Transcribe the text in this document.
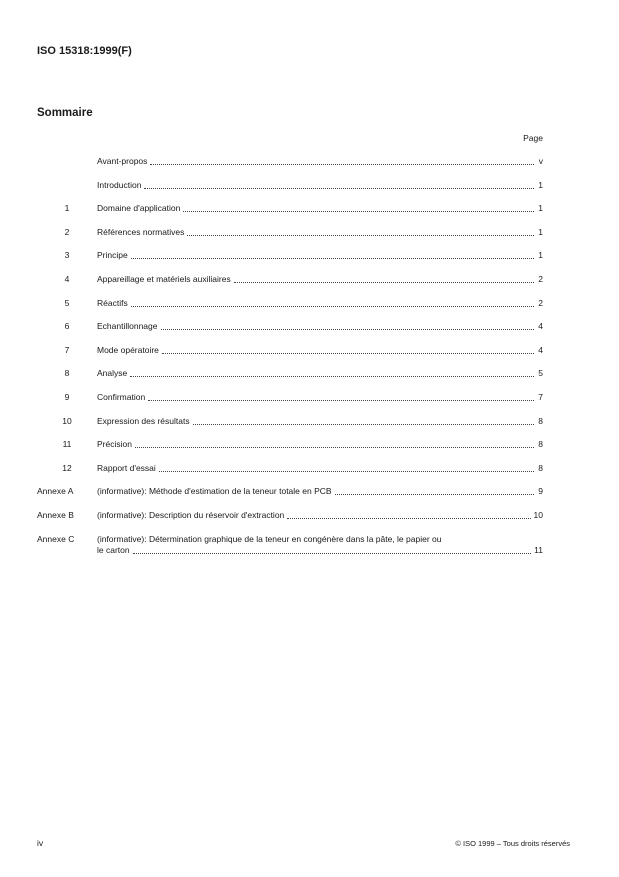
ISO 15318:1999(F)
Sommaire
Page
Avant-propos	v
Introduction	1
1	Domaine d'application	1
2	Références normatives	1
3	Principe	1
4	Appareillage et matériels auxiliaires	2
5	Réactifs	2
6	Echantillonnage	4
7	Mode opératoire	4
8	Analyse	5
9	Confirmation	7
10	Expression des résultats	8
11	Précision	8
12	Rapport d'essai	8
Annexe A	(informative): Méthode d'estimation de la teneur totale en PCB	9
Annexe B	(informative): Description du réservoir d'extraction	10
Annexe C	(informative): Détermination graphique de la teneur en congénère dans la pâte, le papier ou
le carton	11
iv	© ISO 1999 – Tous droits réservés
